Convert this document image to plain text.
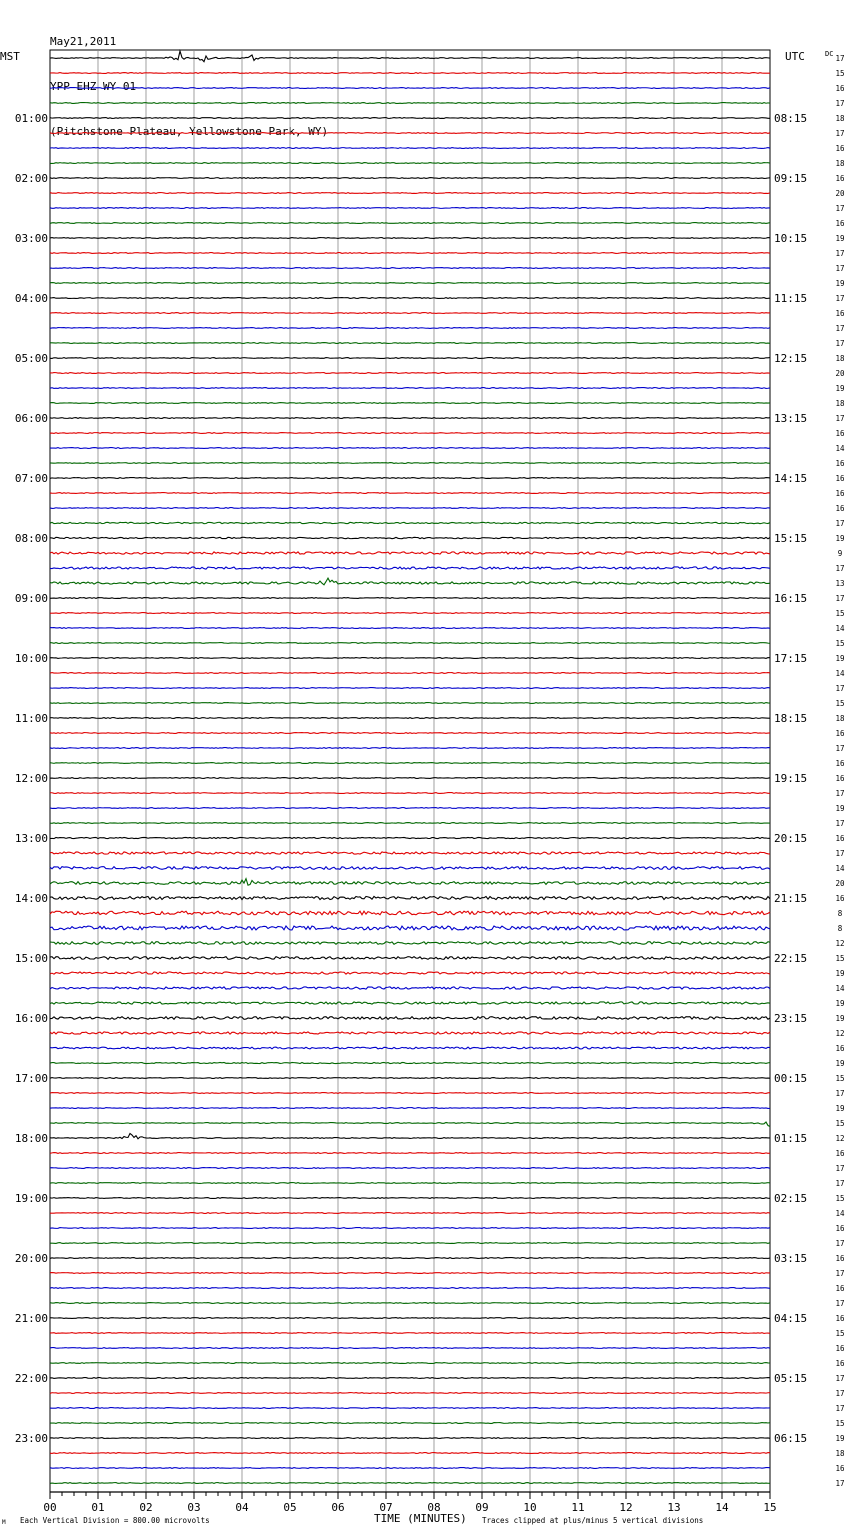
May21,2011

YPP EHZ WY 01

(Pitchstone Plateau, Yellowstone Park, WY)

MST	UTC	DC
TIME (MINUTES)
Each Vertical Division = 800.00 microvolts	Traces clipped at plus/minus 5 vertical divisions
M
00	01	02	03	04	05	06	07	08	09	10	11	12	13	14	15
17
15
16
17
18
17
16
18
16
20
17
16
19
17
17
19
17
16
17
17
18
20
19
18
17
16
14
16
16
16
16
17
19
9
17
13
17
15
14
15
19
14
17
15
18
16
17
16
16
17
19
17
16
17
14
20
16
8
8
12
15
19
14
19
19
12
16
19
15
17
19
15
12
16
17
17
15
14
16
17
16
17
16
17
16
15
16
16
17
17
17
15
19
18
16
17
01:00
02:00
03:00
04:00
05:00
06:00
07:00
08:00
09:00
10:00
11:00
12:00
13:00
14:00
15:00
16:00
17:00
18:00
19:00
20:00
21:00
22:00
23:00
08:15
09:15
10:15
11:15
12:15
13:15
14:15
15:15
16:15
17:15
18:15
19:15
20:15
21:15
22:15
23:15
00:15
01:15
02:15
03:15
04:15
05:15
06:15
